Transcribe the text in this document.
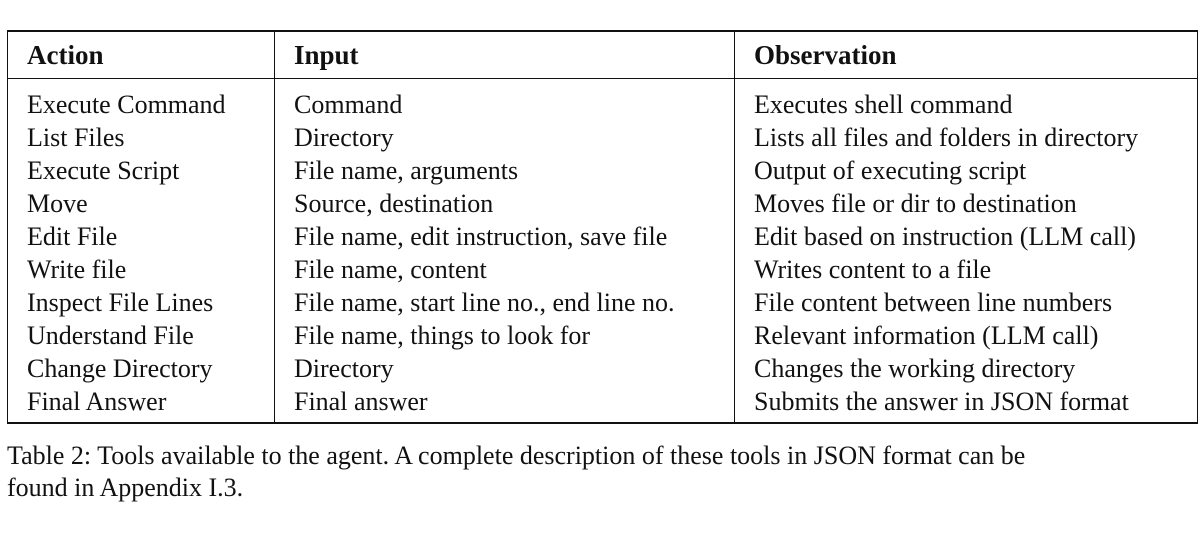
Action	Input	Observation

Execute Command	Command	Executes shell command
List Files	Directory	Lists all files and folders in directory
Execute Script	File name, arguments	Output of executing script
Move	Source, destination	Moves file or dir to destination
Edit File	File name, edit instruction, save file	Edit based on instruction (LLM call)
Write file	File name, content	Writes content to a file
Inspect File Lines	File name, start line no., end line no.	File content between line numbers
Understand File	File name, things to look for	Relevant information (LLM call)
Change Directory	Directory	Changes the working directory
Final Answer	Final answer	Submits the answer in JSON format

Table 2: Tools available to the agent. A complete description of these tools in JSON format can be
found in Appendix I.3.
